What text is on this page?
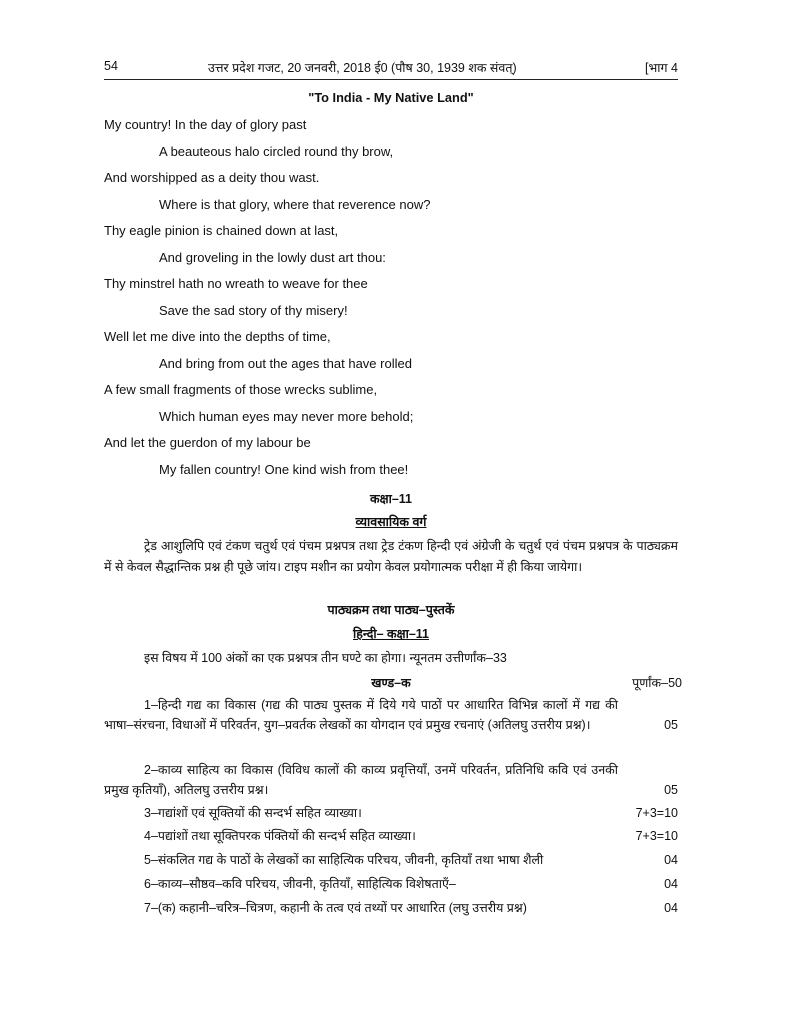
54	उत्तर प्रदेश गजट, 20 जनवरी, 2018 ई0 (पौष 30, 1939 शक संवत्)	[भाग 4
"To India - My Native Land"
My country! In the day of glory past
A beauteous halo circled round thy brow,
And worshipped as a deity thou wast.
Where is that glory, where that reverence now?
Thy eagle pinion is chained down at last,
And groveling in the lowly dust art thou:
Thy minstrel hath no wreath to weave for thee
Save the sad story of thy misery!
Well let me dive into the depths of time,
And bring from out the ages that have rolled
A few small fragments of those wrecks sublime,
Which human eyes may never more behold;
And let the guerdon of my labour be
My fallen country! One kind wish from thee!
कक्षा–11
व्यावसायिक वर्ग
ट्रेड आशुलिपि एवं टंकण चतुर्थ एवं पंचम प्रश्नपत्र तथा ट्रेड टंकण हिन्दी एवं अंग्रेजी के चतुर्थ एवं पंचम प्रश्नपत्र के पाठ्यक्रम में से केवल सैद्धान्तिक प्रश्न ही पूछे जांय। टाइप मशीन का प्रयोग केवल प्रयोगात्मक परीक्षा में ही किया जायेगा।
पाठ्यक्रम तथा पाठ्य–पुस्तकें
हिन्दी– कक्षा–11
इस विषय में 100 अंकों का एक प्रश्नपत्र तीन घण्टे का होगा। न्यूनतम उत्तीर्णांक–33
खण्ड–क	पूर्णांक–50
1–हिन्दी गद्य का विकास (गद्य की पाठ्य पुस्तक में दिये गये पाठों पर आधारित विभिन्न कालों में गद्य की भाषा–संरचना, विधाओं में परिवर्तन, युग–प्रवर्तक लेखकों का योगदान एवं प्रमुख रचनाएं (अतिलघु उत्तरीय प्रश्न)।	05
2–काव्य साहित्य का विकास (विविध कालों की काव्य प्रवृत्तियाँ, उनमें परिवर्तन, प्रतिनिधि कवि एवं उनकी प्रमुख कृतियाँ), अतिलघु उत्तरीय प्रश्न।	05
3–गद्यांशों एवं सूक्तियों की सन्दर्भ सहित व्याख्या।	7+3=10
4–पद्यांशों तथा सूक्तिपरक पंक्तियों की सन्दर्भ सहित व्याख्या।	7+3=10
5–संकलित गद्य के पाठों के लेखकों का साहित्यिक परिचय, जीवनी, कृतियाँ तथा भाषा शैली	04
6–काव्य–सौष्ठव–कवि परिचय, जीवनी, कृतियाँ, साहित्यिक विशेषताएँ–	04
7–(क) कहानी–चरित्र–चित्रण, कहानी के तत्व एवं तथ्यों पर आधारित (लघु उत्तरीय प्रश्न)	04
